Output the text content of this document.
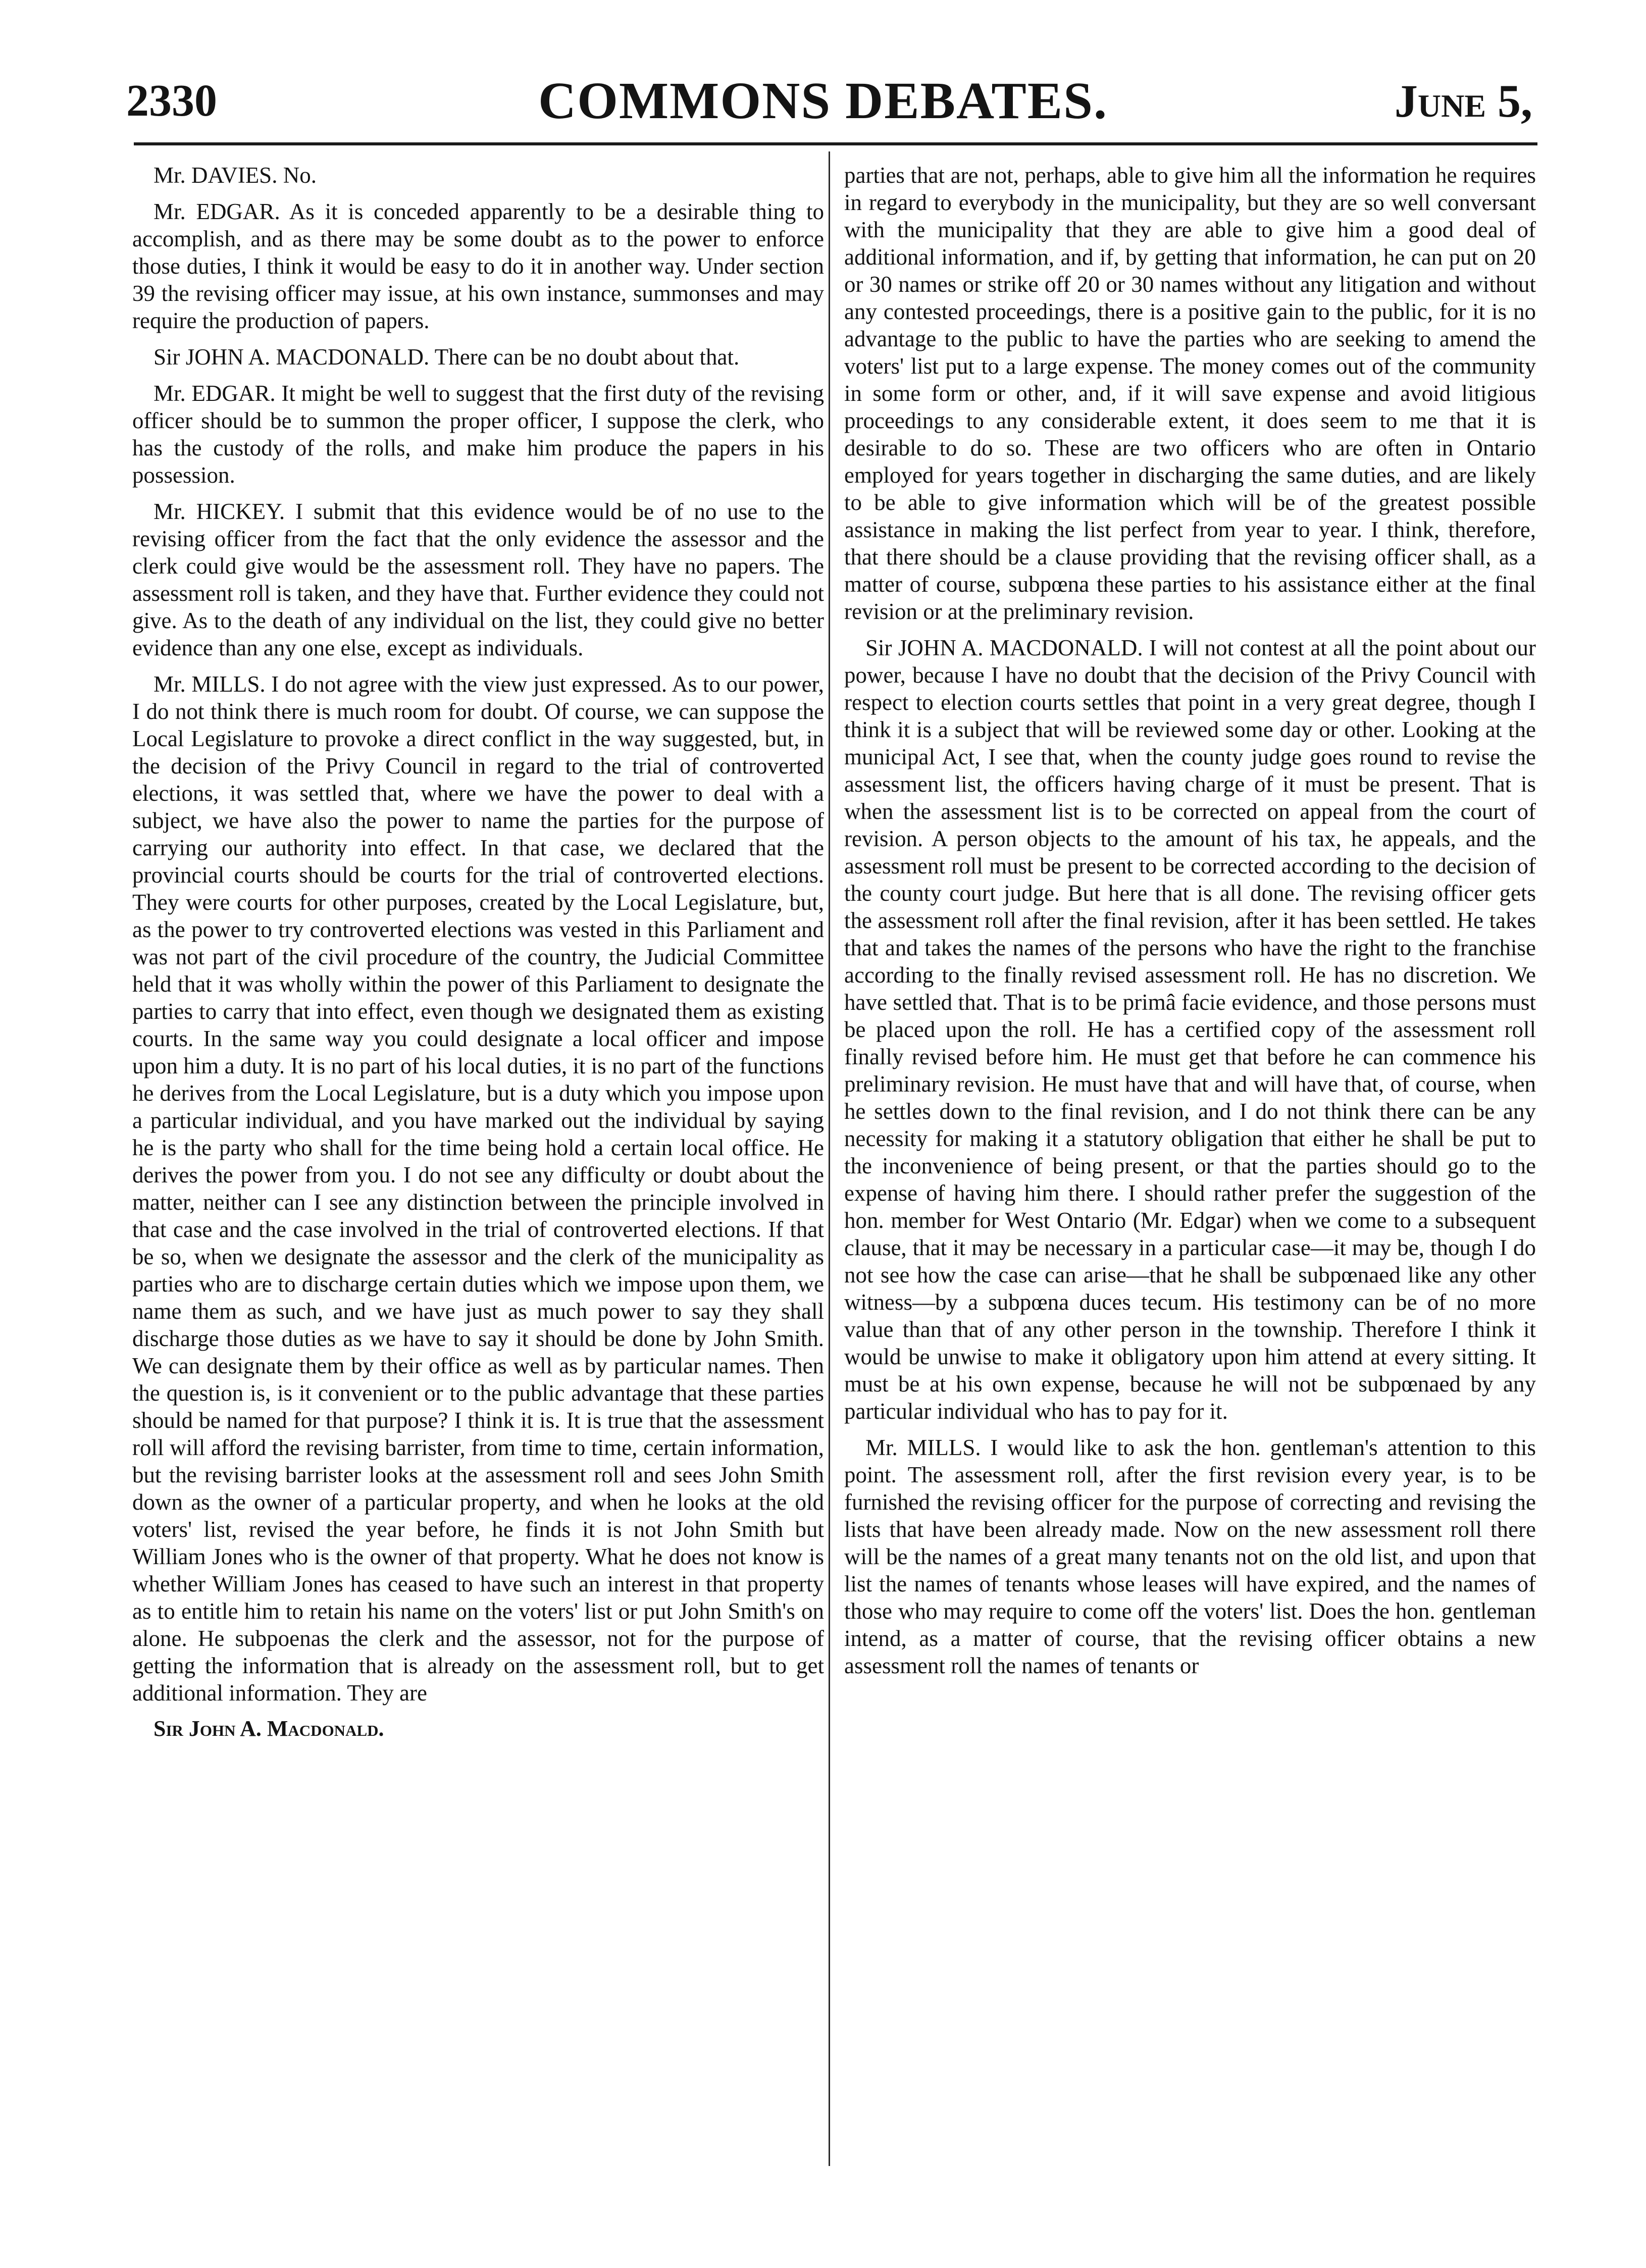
2330	COMMONS DEBATES.	June 5,

Mr. DAVIES. No.

Mr. EDGAR. As it is conceded apparently to be a desirable thing to accomplish, and as there may be some doubt as to the power to enforce those duties, I think it would be easy to do it in another way. Under section 39 the revising officer may issue, at his own instance, summonses and may require the production of papers.

Sir JOHN A. MACDONALD. There can be no doubt about that.

Mr. EDGAR. It might be well to suggest that the first duty of the revising officer should be to summon the proper officer, I suppose the clerk, who has the custody of the rolls, and make him produce the papers in his possession.

Mr. HICKEY. I submit that this evidence would be of no use to the revising officer from the fact that the only evidence the assessor and the clerk could give would be the assessment roll. They have no papers. The assessment roll is taken, and they have that. Further evidence they could not give. As to the death of any individual on the list, they could give no better evidence than any one else, except as individuals.

Mr. MILLS. I do not agree with the view just expressed. As to our power, I do not think there is much room for doubt. Of course, we can suppose the Local Legislature to provoke a direct conflict in the way suggested, but, in the decision of the Privy Council in regard to the trial of controverted elections, it was settled that, where we have the power to deal with a subject, we have also the power to name the parties for the purpose of carrying our authority into effect. In that case, we declared that the provincial courts should be courts for the trial of controverted elections. They were courts for other purposes, created by the Local Legislature, but, as the power to try controverted elections was vested in this Parliament and was not part of the civil procedure of the country, the Judicial Committee held that it was wholly within the power of this Parliament to designate the parties to carry that into effect, even though we designated them as existing courts. In the same way you could designate a local officer and impose upon him a duty. It is no part of his local duties, it is no part of the functions he derives from the Local Legislature, but is a duty which you impose upon a particular individual, and you have marked out the individual by saying he is the party who shall for the time being hold a certain local office. He derives the power from you. I do not see any difficulty or doubt about the matter, neither can I see any distinction between the principle involved in that case and the case involved in the trial of controverted elections. If that be so, when we designate the assessor and the clerk of the municipality as parties who are to discharge certain duties which we impose upon them, we name them as such, and we have just as much power to say they shall discharge those duties as we have to say it should be done by John Smith. We can designate them by their office as well as by particular names. Then the question is, is it convenient or to the public advantage that these parties should be named for that purpose? I think it is. It is true that the assessment roll will afford the revising barrister, from time to time, certain information, but the revising barrister looks at the assessment roll and sees John Smith down as the owner of a particular property, and when he looks at the old voters' list, revised the year before, he finds it is not John Smith but William Jones who is the owner of that property. What he does not know is whether William Jones has ceased to have such an interest in that property as to entitle him to retain his name on the voters' list or put John Smith's on alone. He subpoenas the clerk and the assessor, not for the purpose of getting the information that is already on the assessment roll, but to get additional information. They are

Sir John A. Macdonald.

parties that are not, perhaps, able to give him all the information he requires in regard to everybody in the municipality, but they are so well conversant with the municipality that they are able to give him a good deal of additional information, and if, by getting that information, he can put on 20 or 30 names or strike off 20 or 30 names without any litigation and without any contested proceedings, there is a positive gain to the public, for it is no advantage to the public to have the parties who are seeking to amend the voters' list put to a large expense. The money comes out of the community in some form or other, and, if it will save expense and avoid litigious proceedings to any considerable extent, it does seem to me that it is desirable to do so. These are two officers who are often in Ontario employed for years together in discharging the same duties, and are likely to be able to give information which will be of the greatest possible assistance in making the list perfect from year to year. I think, therefore, that there should be a clause providing that the revising officer shall, as a matter of course, subpœna these parties to his assistance either at the final revision or at the preliminary revision.

Sir JOHN A. MACDONALD. I will not contest at all the point about our power, because I have no doubt that the decision of the Privy Council with respect to election courts settles that point in a very great degree, though I think it is a subject that will be reviewed some day or other. Looking at the municipal Act, I see that, when the county judge goes round to revise the assessment list, the officers having charge of it must be present. That is when the assessment list is to be corrected on appeal from the court of revision. A person objects to the amount of his tax, he appeals, and the assessment roll must be present to be corrected according to the decision of the county court judge. But here that is all done. The revising officer gets the assessment roll after the final revision, after it has been settled. He takes that and takes the names of the persons who have the right to the franchise according to the finally revised assessment roll. He has no discretion. We have settled that. That is to be primâ facie evidence, and those persons must be placed upon the roll. He has a certified copy of the assessment roll finally revised before him. He must get that before he can commence his preliminary revision. He must have that and will have that, of course, when he settles down to the final revision, and I do not think there can be any necessity for making it a statutory obligation that either he shall be put to the inconvenience of being present, or that the parties should go to the expense of having him there. I should rather prefer the suggestion of the hon. member for West Ontario (Mr. Edgar) when we come to a subsequent clause, that it may be necessary in a particular case—it may be, though I do not see how the case can arise—that he shall be subpœnaed like any other witness—by a subpœna duces tecum. His testimony can be of no more value than that of any other person in the township. Therefore I think it would be unwise to make it obligatory upon him attend at every sitting. It must be at his own expense, because he will not be subpœnaed by any particular individual who has to pay for it.

Mr. MILLS. I would like to ask the hon. gentleman's attention to this point. The assessment roll, after the first revision every year, is to be furnished the revising officer for the purpose of correcting and revising the lists that have been already made. Now on the new assessment roll there will be the names of a great many tenants not on the old list, and upon that list the names of tenants whose leases will have expired, and the names of those who may require to come off the voters' list. Does the hon. gentleman intend, as a matter of course, that the revising officer obtains a new assessment roll the names of tenants or
